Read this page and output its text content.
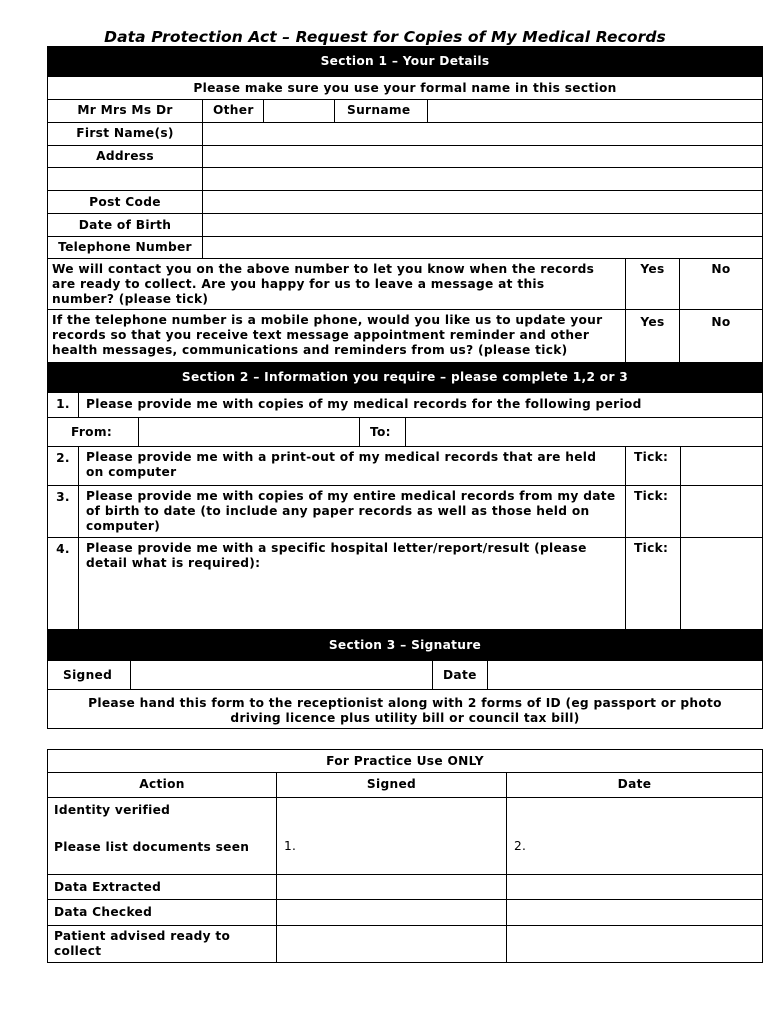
Data Protection Act – Request for Copies of My Medical Records
Section 1 – Your Details
Please make sure you use your formal name in this section
Mr Mrs Ms Dr	Other	Surname
First Name(s)
Address
Post Code
Date of Birth
Telephone Number
We will contact you on the above number to let you know when the records are ready to collect. Are you happy for us to leave a message at this number? (please tick)
Yes	No
If the telephone number is a mobile phone, would you like us to update your records so that you receive text message appointment reminder and other health messages, communications and reminders from us? (please tick)
Yes	No
Section 2 – Information you require – please complete 1,2 or 3
1.	Please provide me with copies of my medical records for the following period
From:	To:
2.	Please provide me with a print-out of my medical records that are held on computer
Tick:
3.	Please provide me with copies of my entire medical records from my date of birth to date (to include any paper records as well as those held on computer)
Tick:
4.	Please provide me with a specific hospital letter/report/result (please detail what is required):
Tick:
Section 3 – Signature
Signed	Date
Please hand this form to the receptionist along with 2 forms of ID (eg passport or photo driving licence plus utility bill or council tax bill)
For Practice Use ONLY
Action	Signed	Date
Identity verified
Please list documents seen	1.	2.
Data Extracted
Data Checked
Patient advised ready to collect
